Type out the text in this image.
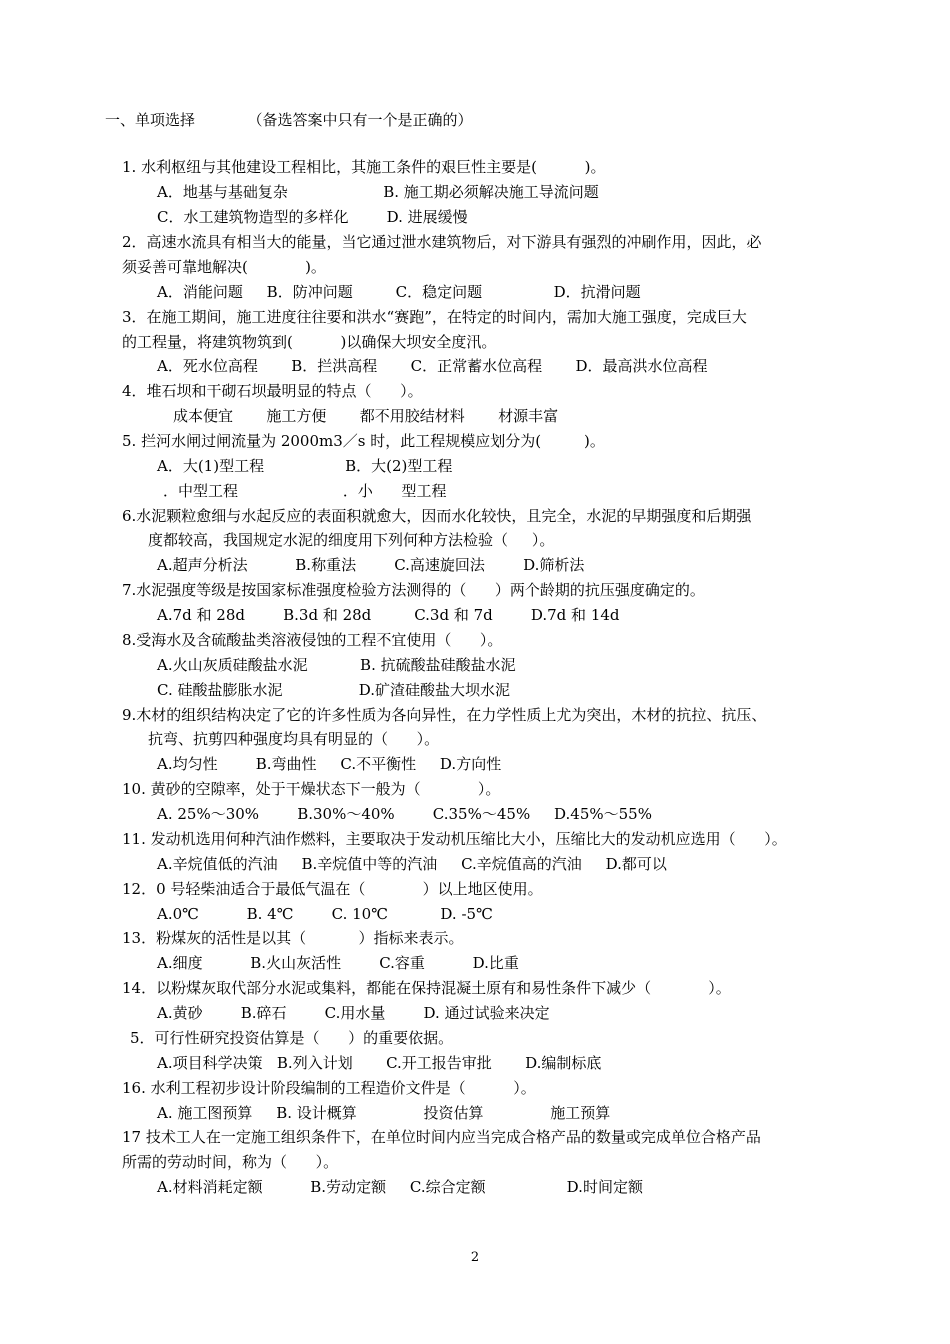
一、单项选择           （备选答案中只有一个是正确的）
1. 水利枢纽与其他建设工程相比，其施工条件的艰巨性主要是(          )。
A．地基与基础复杂                    B. 施工期必须解决施工导流问题
C．水工建筑物造型的多样化        D. 进展缓慢
2．高速水流具有相当大的能量，当它通过泄水建筑物后，对下游具有强烈的冲刷作用，因此，必
须妥善可靠地解决(            )。
A．消能问题     B．防冲问题         C．稳定问题               D．抗滑问题
3．在施工期间，施工进度往往要和洪水“赛跑”，在特定的时间内，需加大施工强度，完成巨大
的工程量，将建筑物筑到(          )以确保大坝安全度汛。
A．死水位高程       B．拦洪高程       C．正常蓄水位高程       D．最高洪水位高程
4．堆石坝和干砌石坝最明显的特点（      ）。
成本便宜       施工方便       都不用胶结材料       材源丰富
5. 拦河水闸过闸流量为 2000m3／s 时，此工程规模应划分为(         )。
A．大(1)型工程                 B．大(2)型工程
．中型工程                      ．小      型工程
6.水泥颗粒愈细与水起反应的表面积就愈大，因而水化较快，且完全，水泥的早期强度和后期强
度都较高，我国规定水泥的细度用下列何种方法检验（     ）。
A.超声分析法          B.称重法        C.高速旋回法        D.筛析法
7.水泥强度等级是按国家标准强度检验方法测得的（      ）两个龄期的抗压强度确定的。
A.7d 和 28d        B.3d 和 28d         C.3d 和 7d        D.7d 和 14d
8.受海水及含硫酸盐类溶液侵蚀的工程不宜使用（      ）。
A.火山灰质硅酸盐水泥           B. 抗硫酸盐硅酸盐水泥
C. 硅酸盐膨胀水泥                D.矿渣硅酸盐大坝水泥
9.木材的组织结构决定了它的许多性质为各向异性，在力学性质上尤为突出，木材的抗拉、抗压、
抗弯、抗剪四种强度均具有明显的（      ）。
A.均匀性        B.弯曲性     C.不平衡性     D.方向性
10. 黄砂的空隙率，处于干燥状态下一般为（            ）。
A. 25%～30%        B.30%～40%        C.35%～45%     D.45%～55%
11. 发动机选用何种汽油作燃料，主要取决于发动机压缩比大小，压缩比大的发动机应选用（      ）。
A.辛烷值低的汽油     B.辛烷值中等的汽油     C.辛烷值高的汽油     D.都可以
12．0 号轻柴油适合于最低气温在（            ）以上地区使用。
A.0℃          B. 4℃        C. 10℃           D. -5℃
13．粉煤灰的活性是以其（           ）指标来表示。
A.细度          B.火山灰活性        C.容重          D.比重
14．以粉煤灰取代部分水泥或集料，都能在保持混凝土原有和易性条件下减少（            ）。
A.黄砂        B.碎石        C.用水量        D. 通过试验来决定
5．可行性研究投资估算是（      ）的重要依据。
A.项目科学决策   B.列入计划       C.开工报告审批       D.编制标底
16. 水利工程初步设计阶段编制的工程造价文件是（          ）。
A. 施工图预算     B. 设计概算              投资估算              施工预算
17 技术工人在一定施工组织条件下，在单位时间内应当完成合格产品的数量或完成单位合格产品
所需的劳动时间，称为（      ）。
A.材料消耗定额          B.劳动定额     C.综合定额                 D.时间定额
2
